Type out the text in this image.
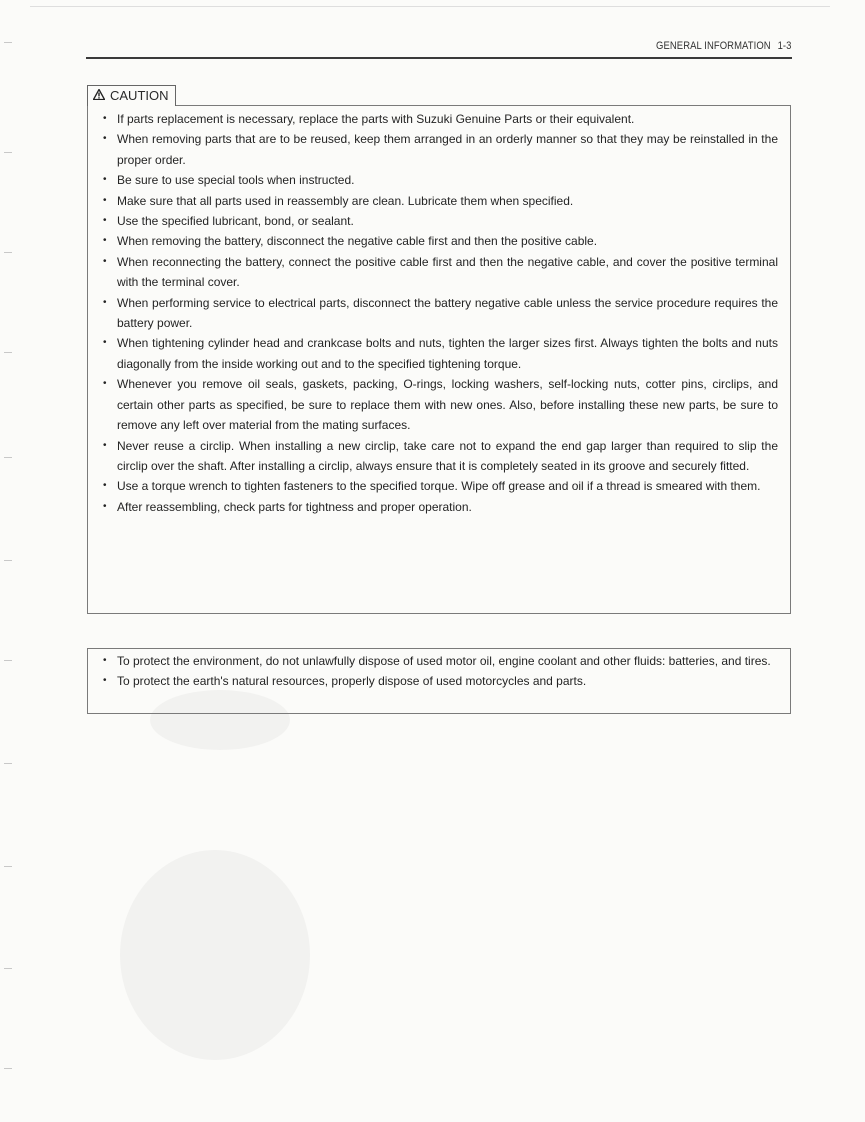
GENERAL INFORMATION 1-3
CAUTION
• If parts replacement is necessary, replace the parts with Suzuki Genuine Parts or their equivalent.
• When removing parts that are to be reused, keep them arranged in an orderly manner so that they may be reinstalled in the proper order.
• Be sure to use special tools when instructed.
• Make sure that all parts used in reassembly are clean. Lubricate them when specified.
• Use the specified lubricant, bond, or sealant.
• When removing the battery, disconnect the negative cable first and then the positive cable.
• When reconnecting the battery, connect the positive cable first and then the negative cable, and cover the positive terminal with the terminal cover.
• When performing service to electrical parts, disconnect the battery negative cable unless the service procedure requires the battery power.
• When tightening cylinder head and crankcase bolts and nuts, tighten the larger sizes first. Always tighten the bolts and nuts diagonally from the inside working out and to the specified tightening torque.
• Whenever you remove oil seals, gaskets, packing, O-rings, locking washers, self-locking nuts, cotter pins, circlips, and certain other parts as specified, be sure to replace them with new ones. Also, before installing these new parts, be sure to remove any left over material from the mating surfaces.
• Never reuse a circlip. When installing a new circlip, take care not to expand the end gap larger than required to slip the circlip over the shaft. After installing a circlip, always ensure that it is completely seated in its groove and securely fitted.
• Use a torque wrench to tighten fasteners to the specified torque. Wipe off grease and oil if a thread is smeared with them.
• After reassembling, check parts for tightness and proper operation.
• To protect the environment, do not unlawfully dispose of used motor oil, engine coolant and other fluids: batteries, and tires.
• To protect the earth's natural resources, properly dispose of used motorcycles and parts.
